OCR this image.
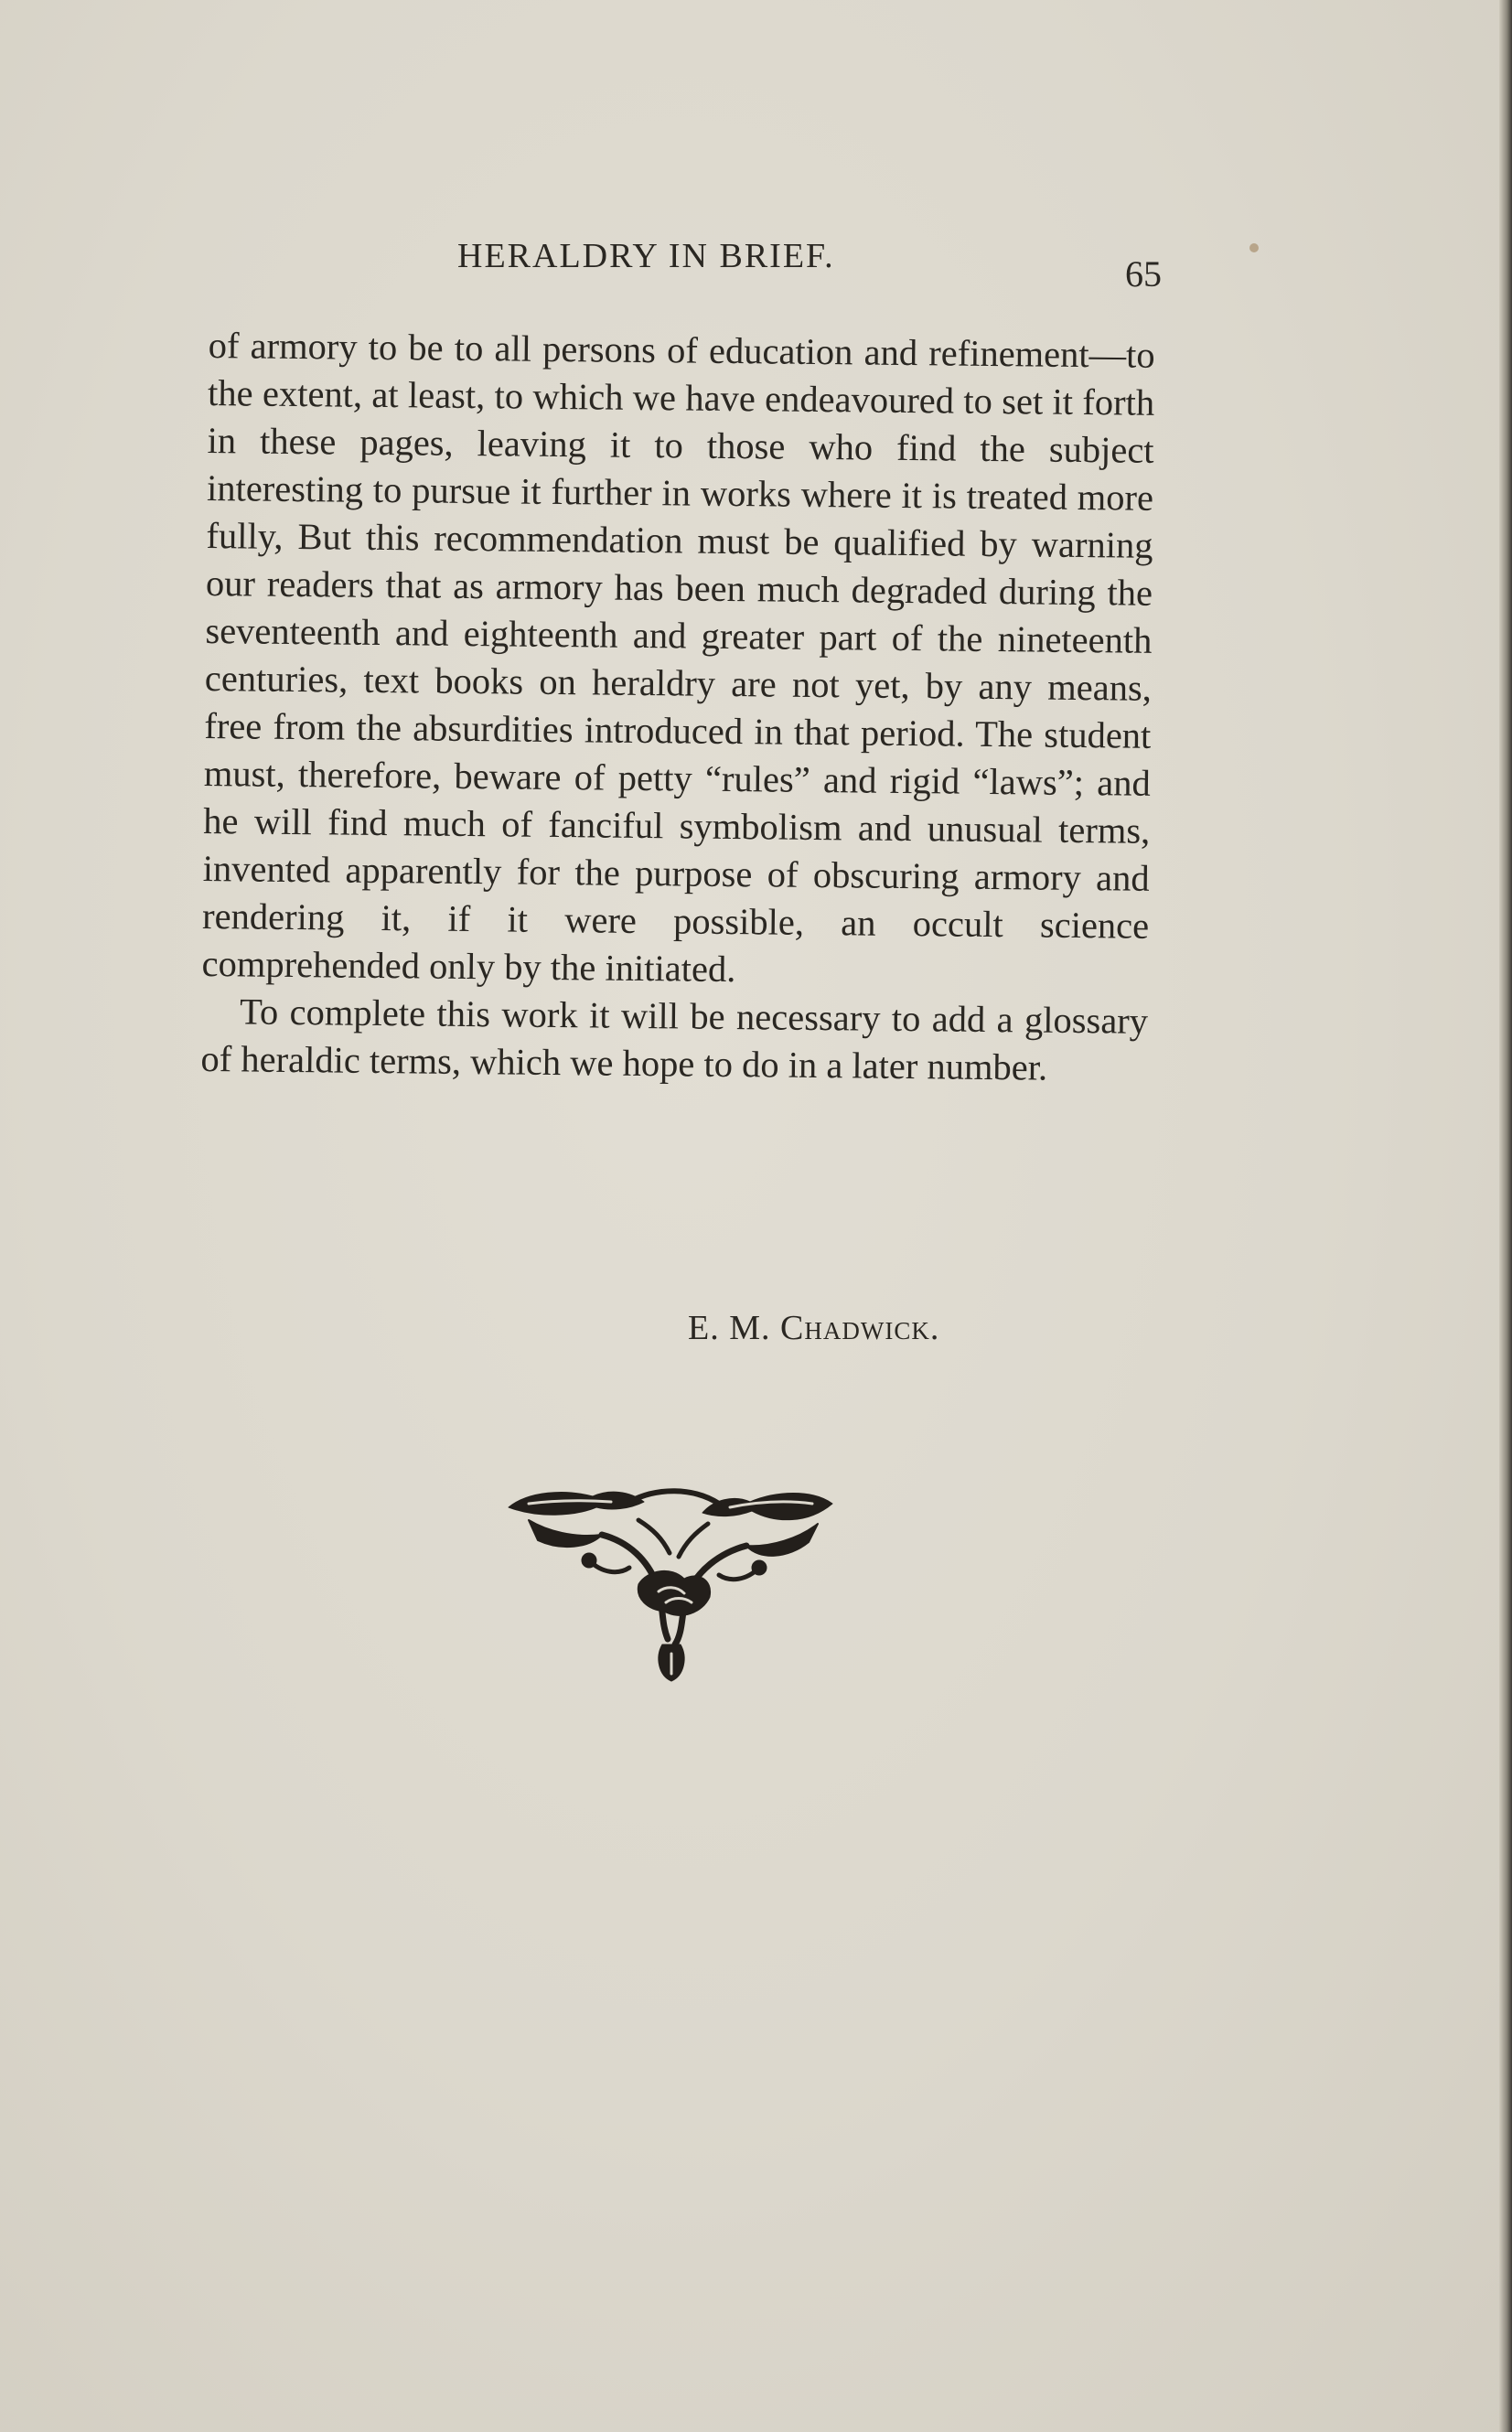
HERALDRY IN BRIEF.	65

of armory to be to all persons of education and refinement—to the extent, at least, to which we have endeavoured to set it forth in these pages, leaving it to those who find the subject interesting to pursue it further in works where it is treated more fully, But this recommendation must be qualified by warning our readers that as armory has been much degraded during the seventeenth and eighteenth and greater part of the nineteenth centuries, text books on heraldry are not yet, by any means, free from the absurdities introduced in that period. The student must, therefore, beware of petty “rules” and rigid “laws”; and he will find much of fanciful symbolism and unusual terms, invented apparently for the purpose of obscuring armory and rendering it, if it were possible, an occult science comprehended only by the initiated.

To complete this work it will be necessary to add a glossary of heraldic terms, which we hope to do in a later number.

E. M. Chadwick.
